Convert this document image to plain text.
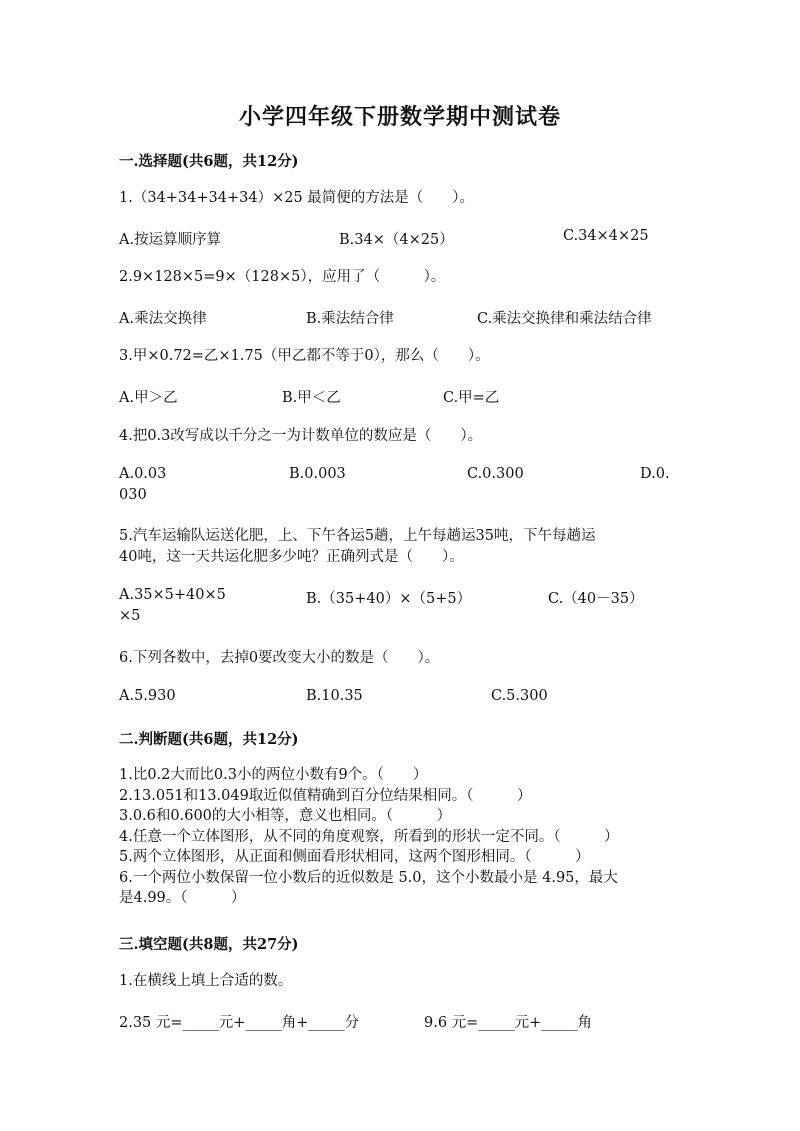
小学四年级下册数学期中测试卷
一.选择题(共6题，共12分)
1.（34+34+34+34）×25 最简便的方法是（　　）。
A.按运算顺序算	B.34×（4×25）	C.34×4×25
2.9×128×5=9×（128×5），应用了（　　　）。
A.乘法交换律	B.乘法结合律	C.乘法交换律和乘法结合律
3.甲×0.72=乙×1.75（甲乙都不等于0），那么（　　）。
A.甲＞乙	B.甲＜乙	C.甲=乙
4.把0.3改写成以千分之一为计数单位的数应是（　　）。
A.0.03	B.0.003	C.0.300	D.0.
030
5.汽车运输队运送化肥，上、下午各运5趟，上午每趟运35吨，下午每趟运
40吨，这一天共运化肥多少吨？正确列式是（　　）。
A.35×5+40×5	B.（35+40）×（5+5）	C.（40－35）
×5
6.下列各数中，去掉0要改变大小的数是（　　）。
A.5.930	B.10.35	C.5.300
二.判断题(共6题，共12分)
1.比0.2大而比0.3小的两位小数有9个。（　　）
2.13.051和13.049取近似值精确到百分位结果相同。（　　　）
3.0.6和0.600的大小相等，意义也相同。（　　　）
4.任意一个立体图形，从不同的角度观察，所看到的形状一定不同。（　　　）
5.两个立体图形，从正面和侧面看形状相同，这两个图形相同。（　　　）
6.一个两位小数保留一位小数后的近似数是 5.0，这个小数最小是 4.95，最大
是4.99。（　　　）
三.填空题(共8题，共27分)
1.在横线上填上合适的数。
2.35 元=_____元+_____角+_____分	9.6 元=_____元+_____角
